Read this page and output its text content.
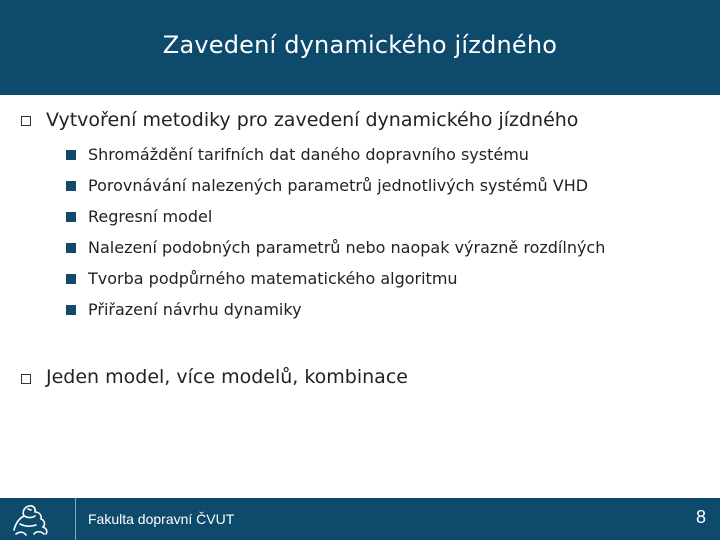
Zavedení dynamického jízdného
Vytvoření metodiky pro zavedení dynamického jízdného
Shromáždění tarifních dat daného dopravního systému
Porovnávání nalezených parametrů jednotlivých systémů VHD
Regresní model
Nalezení podobných parametrů nebo naopak výrazně rozdílných
Tvorba podpůrného matematického algoritmu
Přiřazení návrhu dynamiky
Jeden model, více modelů, kombinace
Fakulta dopravní ČVUT	8
